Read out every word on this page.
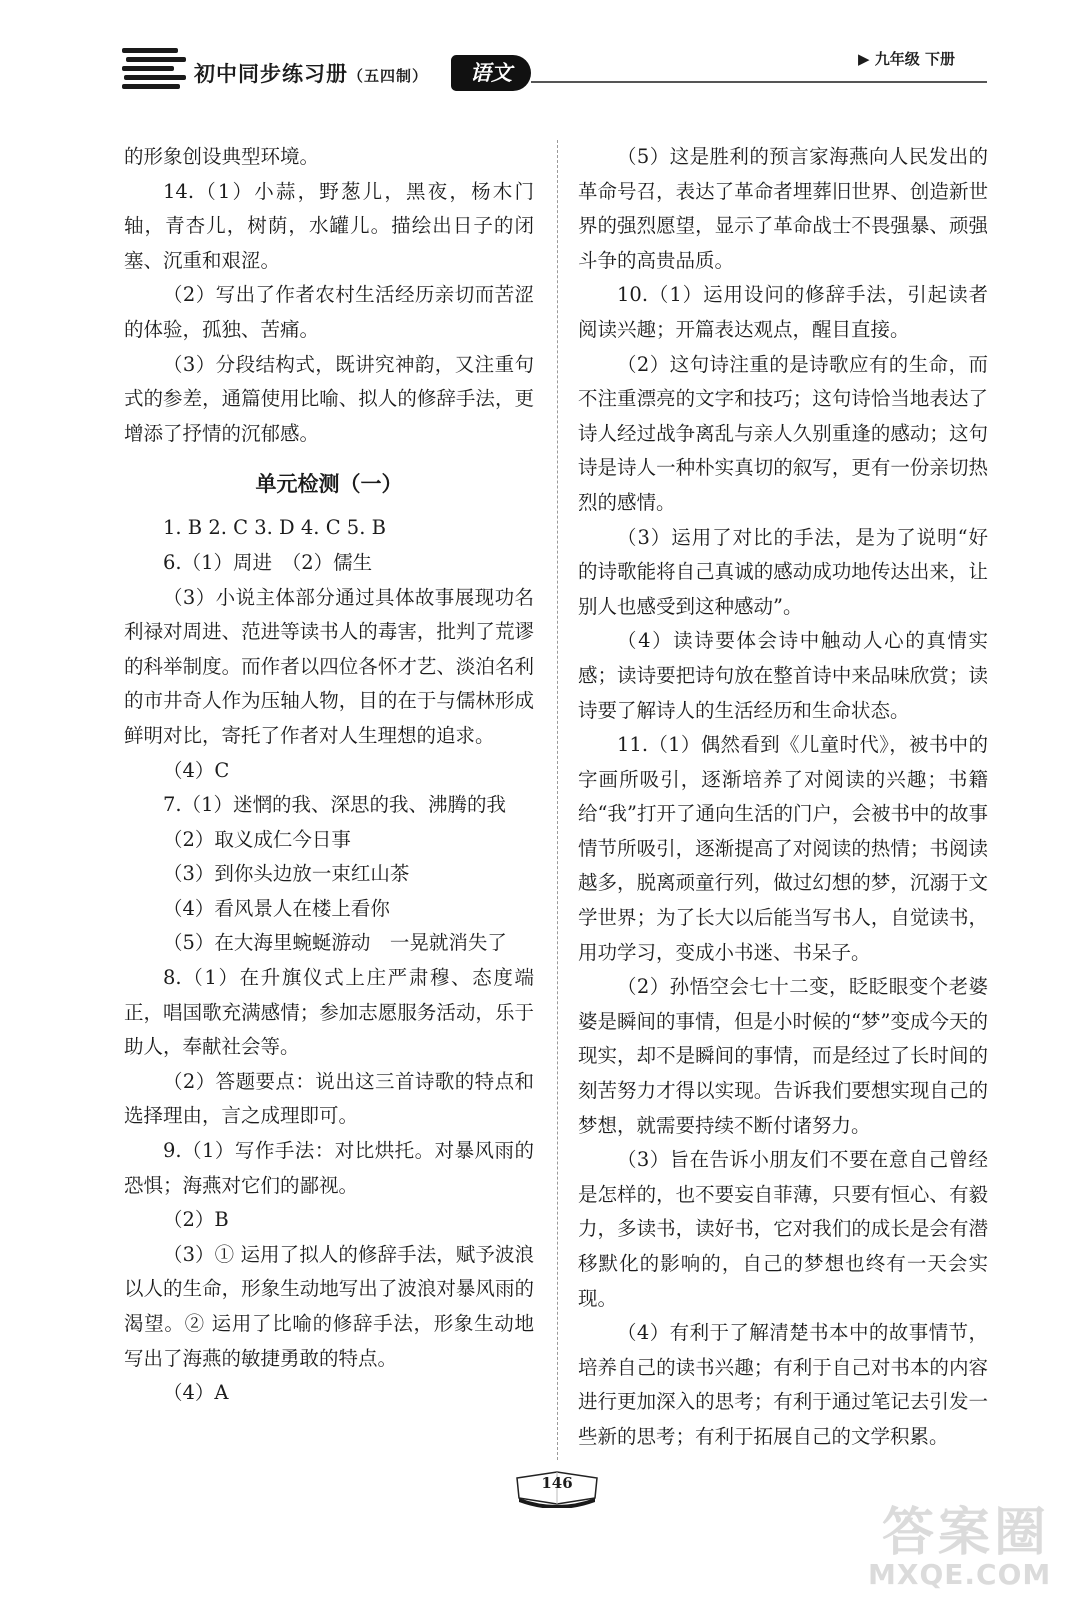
初中同步练习册（五四制）	语文
▶ 九年级 下册

的形象创设典型环境。

14.（1）小蒜，野葱儿，黑夜，杨木门轴，青杏儿，树荫，水罐儿。描绘出日子的闭塞、沉重和艰涩。

（2）写出了作者农村生活经历亲切而苦涩的体验，孤独、苦痛。

（3）分段结构式，既讲究神韵，又注重句式的参差，通篇使用比喻、拟人的修辞手法，更增添了抒情的沉郁感。

单元检测（一）

1. B 2. C 3. D 4. C 5. B

6.（1）周进　（2）儒生

（3）小说主体部分通过具体故事展现功名利禄对周进、范进等读书人的毒害，批判了荒谬的科举制度。而作者以四位各怀才艺、淡泊名利的市井奇人作为压轴人物，目的在于与儒林形成鲜明对比，寄托了作者对人生理想的追求。

（4）C

7.（1）迷惘的我、深思的我、沸腾的我

（2）取义成仁今日事

（3）到你头边放一束红山茶

（4）看风景人在楼上看你

（5）在大海里蜿蜒游动　一晃就消失了

8.（1）在升旗仪式上庄严肃穆、态度端正，唱国歌充满感情；参加志愿服务活动，乐于助人，奉献社会等。

（2）答题要点：说出这三首诗歌的特点和选择理由，言之成理即可。

9.（1）写作手法：对比烘托。对暴风雨的恐惧；海燕对它们的鄙视。

（2）B

（3）① 运用了拟人的修辞手法，赋予波浪以人的生命，形象生动地写出了波浪对暴风雨的渴望。② 运用了比喻的修辞手法，形象生动地写出了海燕的敏捷勇敢的特点。

（4）A

（5）这是胜利的预言家海燕向人民发出的革命号召，表达了革命者埋葬旧世界、创造新世界的强烈愿望，显示了革命战士不畏强暴、顽强斗争的高贵品质。

10.（1）运用设问的修辞手法，引起读者阅读兴趣；开篇表达观点，醒目直接。

（2）这句诗注重的是诗歌应有的生命，而不注重漂亮的文字和技巧；这句诗恰当地表达了诗人经过战争离乱与亲人久别重逢的感动；这句诗是诗人一种朴实真切的叙写，更有一份亲切热烈的感情。

（3）运用了对比的手法，是为了说明“好的诗歌能将自己真诚的感动成功地传达出来，让别人也感受到这种感动”。

（4）读诗要体会诗中触动人心的真情实感；读诗要把诗句放在整首诗中来品味欣赏；读诗要了解诗人的生活经历和生命状态。

11.（1）偶然看到《儿童时代》，被书中的字画所吸引，逐渐培养了对阅读的兴趣；书籍给“我”打开了通向生活的门户，会被书中的故事情节所吸引，逐渐提高了对阅读的热情；书阅读越多，脱离顽童行列，做过幻想的梦，沉溺于文学世界；为了长大以后能当写书人，自觉读书，用功学习，变成小书迷、书呆子。

（2）孙悟空会七十二变，眨眨眼变个老婆婆是瞬间的事情，但是小时候的“梦”变成今天的现实，却不是瞬间的事情，而是经过了长时间的刻苦努力才得以实现。告诉我们要想实现自己的梦想，就需要持续不断付诸努力。

（3）旨在告诉小朋友们不要在意自己曾经是怎样的，也不要妄自菲薄，只要有恒心、有毅力，多读书，读好书，它对我们的成长是会有潜移默化的影响的，自己的梦想也终有一天会实现。

（4）有利于了解清楚书本中的故事情节，培养自己的读书兴趣；有利于自己对书本的内容进行更加深入的思考；有利于通过笔记去引发一些新的思考；有利于拓展自己的文学积累。

146
答案圈
MXQE.COM
